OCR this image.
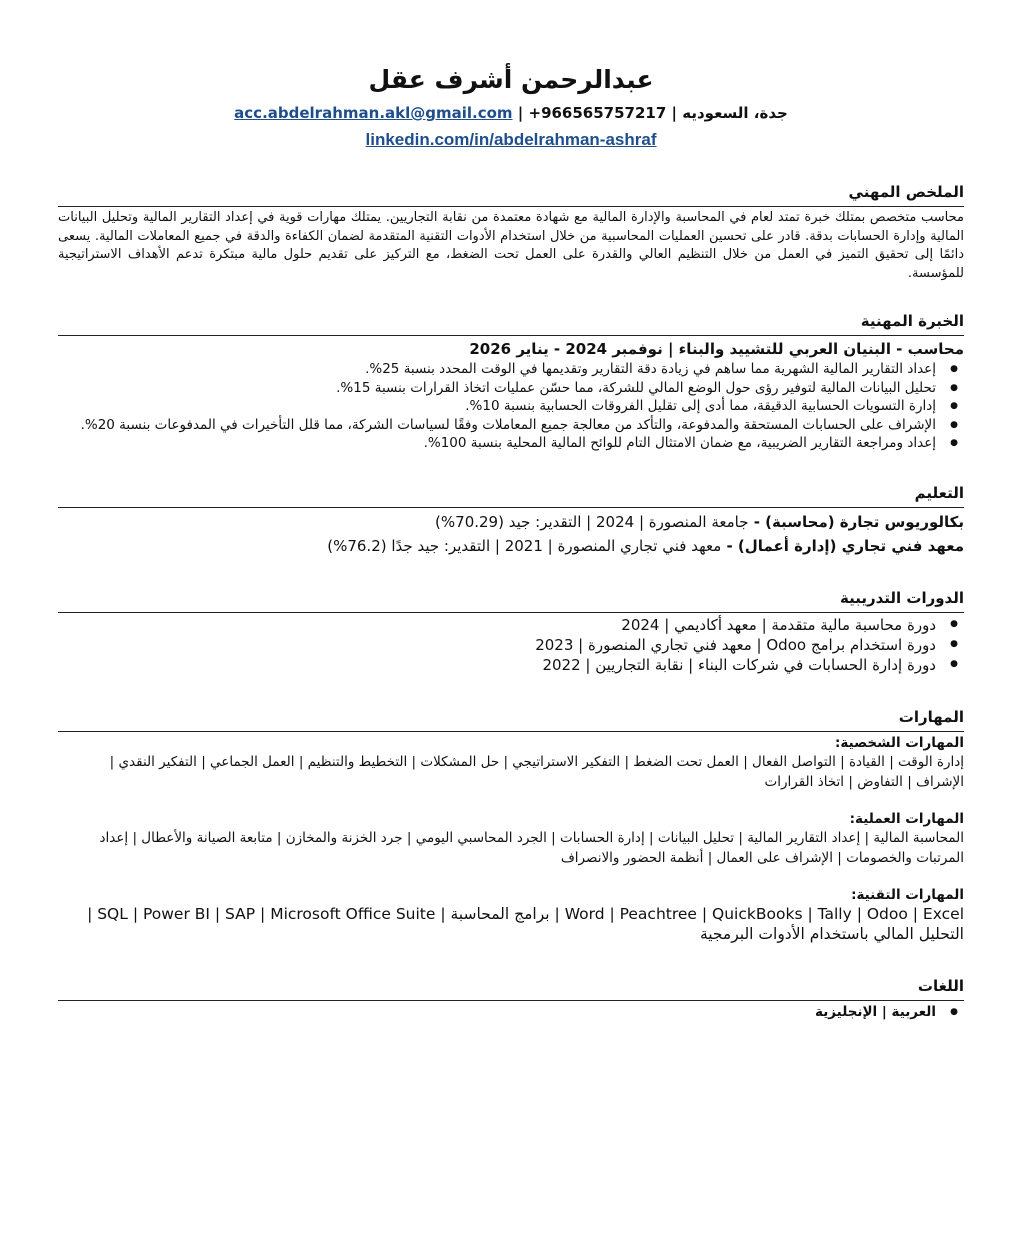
عبدالرحمن أشرف عقل
جدة، السعوديه | 966565757217+ | acc.abdelrahman.akl@gmail.com
linkedin.com/in/abdelrahman-ashraf
الملخص المهني
محاسب متخصص بمتلك خبرة تمتد لعام في المحاسبة والإدارة المالية مع شهادة معتمدة من نقابة التجاريين. يمتلك مهارات قوية في إعداد التقارير المالية وتحليل البيانات المالية وإدارة الحسابات بدقة. قادر على تحسين العمليات المحاسبية من خلال استخدام الأدوات التقنية المتقدمة لضمان الكفاءة والدقة في جميع المعاملات المالية. يسعى دائمًا إلى تحقيق التميز في العمل من خلال التنظيم العالي والقدرة على العمل تحت الضغط، مع التركيز على تقديم حلول مالية مبتكرة تدعم الأهداف الاستراتيجية للمؤسسة.
الخبرة المهنية
محاسب - البنيان العربي للتشييد والبناء | نوفمبر 2024 - يناير 2026
● إعداد التقارير المالية الشهرية مما ساهم في زيادة دقة التقارير وتقديمها في الوقت المحدد بنسبة 25%.
● تحليل البيانات المالية لتوفير رؤى حول الوضع المالي للشركة، مما حسّن عمليات اتخاذ القرارات بنسبة 15%.
● إدارة التسويات الحسابية الدقيقة، مما أدى إلى تقليل الفروقات الحسابية بنسبة 10%.
● الإشراف على الحسابات المستحقة والمدفوعة، والتأكد من معالجة جميع المعاملات وفقًا لسياسات الشركة، مما قلل التأخيرات في المدفوعات بنسبة 20%.
● إعداد ومراجعة التقارير الضريبية، مع ضمان الامتثال التام للوائح المالية المحلية بنسبة 100%.
التعليم
بكالوريوس تجارة (محاسبة) - جامعة المنصورة | 2024 | التقدير: جيد (70.29%)
معهد فني تجاري (إدارة أعمال) - معهد فني تجاري المنصورة | 2021 | التقدير: جيد جدًا (76.2%)
الدورات التدريبية
● دورة محاسبة مالية متقدمة | معهد أكاديمي | 2024
● دورة استخدام برامج Odoo | معهد فني تجاري المنصورة | 2023
● دورة إدارة الحسابات في شركات البناء | نقابة التجاريين | 2022
المهارات
المهارات الشخصية:
إدارة الوقت | القيادة | التواصل الفعال | العمل تحت الضغط | التفكير الاستراتيجي | حل المشكلات | التخطيط والتنظيم | العمل الجماعي | التفكير النقدي | الإشراف | التفاوض | اتخاذ القرارات
المهارات العملية:
المحاسبة المالية | إعداد التقارير المالية | تحليل البيانات | إدارة الحسابات | الجرد المحاسبي اليومي | جرد الخزنة والمخازن | متابعة الصيانة والأعطال | إعداد المرتبات والخصومات | الإشراف على العمال | أنظمة الحضور والانصراف
المهارات التقنية:
Word | Peachtree | QuickBooks | Tally | Odoo | Excel | برامج المحاسبة | SQL | Power BI | SAP | Microsoft Office Suite | التحليل المالي باستخدام الأدوات البرمجية
اللغات
● العربية | الإنجليزية
